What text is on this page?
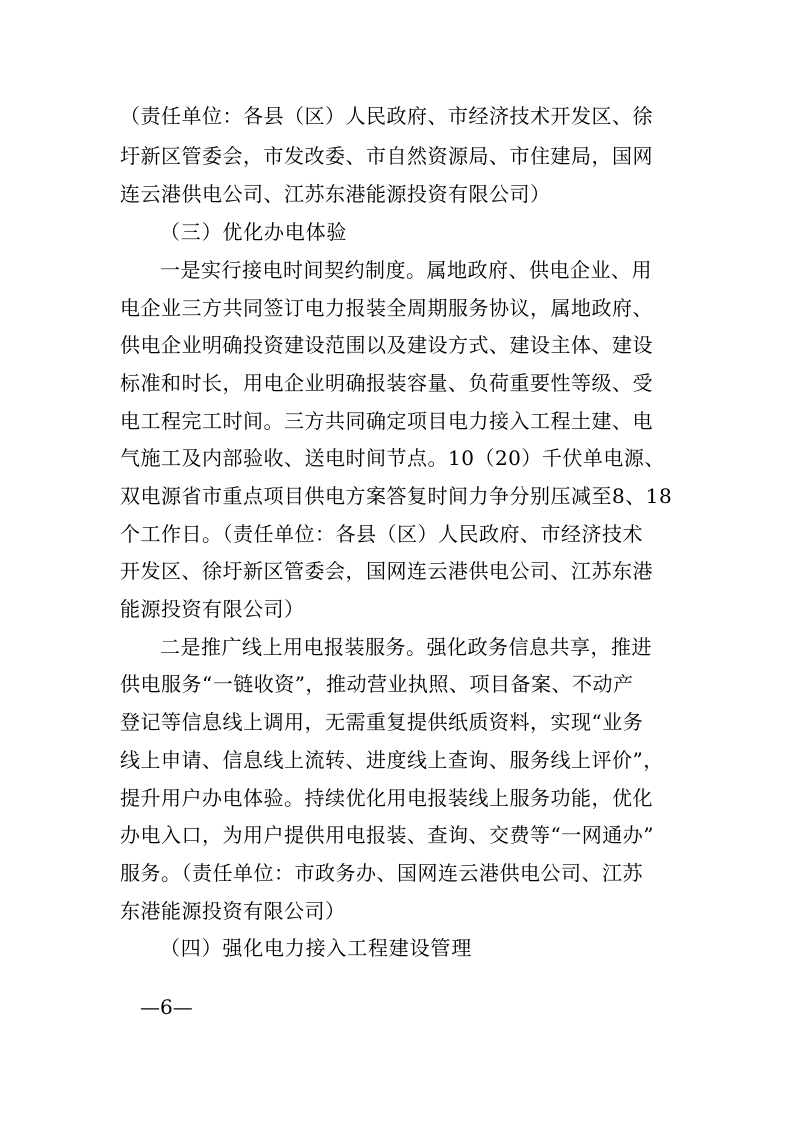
（责任单位：各县（区）人民政府、市经济技术开发区、徐
圩新区管委会，市发改委、市自然资源局、市住建局，国网
连云港供电公司、江苏东港能源投资有限公司）
（三）优化办电体验
一是实行接电时间契约制度。属地政府、供电企业、用
电企业三方共同签订电力报装全周期服务协议，属地政府、
供电企业明确投资建设范围以及建设方式、建设主体、建设
标准和时长，用电企业明确报装容量、负荷重要性等级、受
电工程完工时间。三方共同确定项目电力接入工程土建、电
气施工及内部验收、送电时间节点。10（20）千伏单电源、
双电源省市重点项目供电方案答复时间力争分别压减至8、18
个工作日。（责任单位：各县（区）人民政府、市经济技术
开发区、徐圩新区管委会，国网连云港供电公司、江苏东港
能源投资有限公司）
二是推广线上用电报装服务。强化政务信息共享，推进
供电服务“一链收资”，推动营业执照、项目备案、不动产
登记等信息线上调用，无需重复提供纸质资料，实现“业务
线上申请、信息线上流转、进度线上查询、服务线上评价”，
提升用户办电体验。持续优化用电报装线上服务功能，优化
办电入口，为用户提供用电报装、查询、交费等“一网通办”
服务。（责任单位：市政务办、国网连云港供电公司、江苏
东港能源投资有限公司）
（四）强化电力接入工程建设管理
—6—
